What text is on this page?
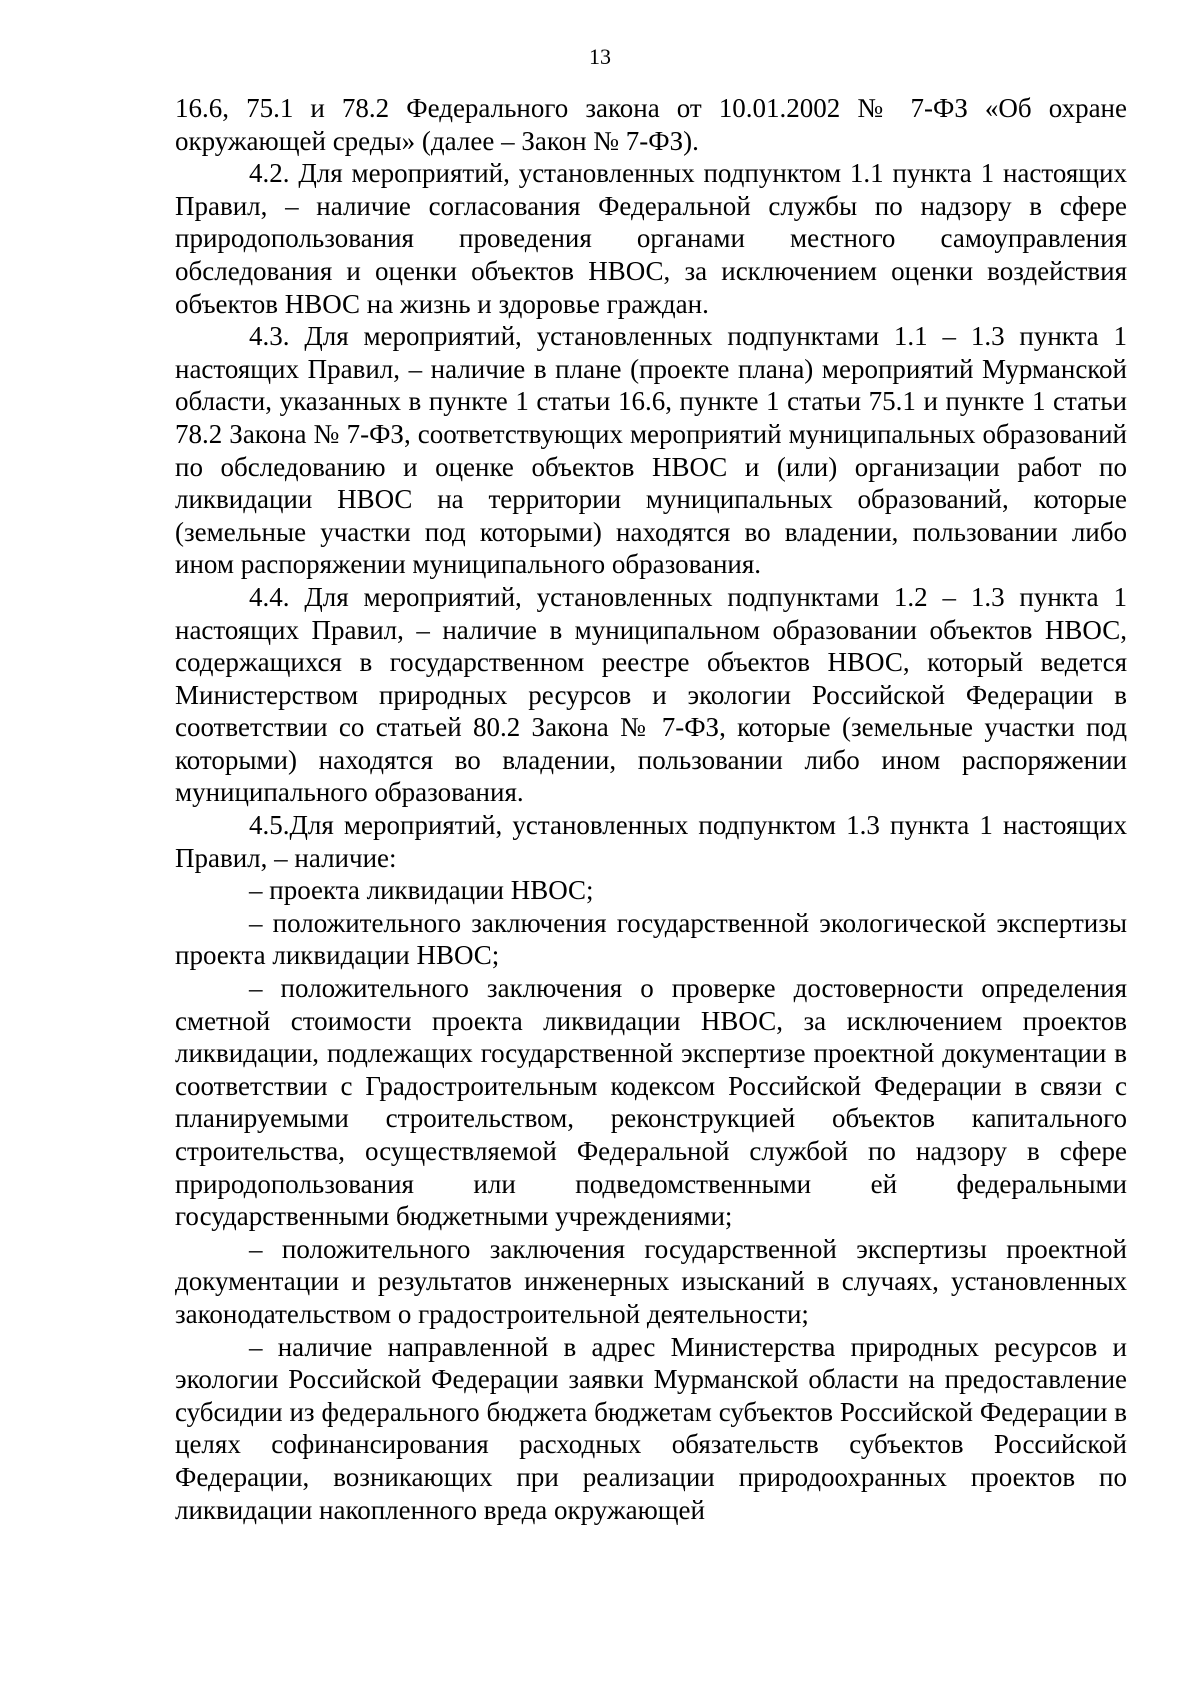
13

16.6, 75.1 и 78.2 Федерального закона от 10.01.2002 № 7-ФЗ «Об охране окружающей среды» (далее – Закон № 7-ФЗ).

4.2. Для мероприятий, установленных подпунктом 1.1 пункта 1 настоящих Правил, – наличие согласования Федеральной службы по надзору в сфере природопользования проведения органами местного самоуправления обследования и оценки объектов НВОС, за исключением оценки воздействия объектов НВОС на жизнь и здоровье граждан.

4.3. Для мероприятий, установленных подпунктами 1.1 – 1.3 пункта 1 настоящих Правил, – наличие в плане (проекте плана) мероприятий Мурманской области, указанных в пункте 1 статьи 16.6, пункте 1 статьи 75.1 и пункте 1 статьи 78.2 Закона № 7-ФЗ, соответствующих мероприятий муниципальных образований по обследованию и оценке объектов НВОС и (или) организации работ по ликвидации НВОС на территории муниципальных образований, которые (земельные участки под которыми) находятся во владении, пользовании либо ином распоряжении муниципального образования.

4.4. Для мероприятий, установленных подпунктами 1.2 – 1.3 пункта 1 настоящих Правил, – наличие в муниципальном образовании объектов НВОС, содержащихся в государственном реестре объектов НВОС, который ведется Министерством природных ресурсов и экологии Российской Федерации в соответствии со статьей 80.2 Закона № 7-ФЗ, которые (земельные участки под которыми) находятся во владении, пользовании либо ином распоряжении муниципального образования.

4.5.Для мероприятий, установленных подпунктом 1.3 пункта 1 настоящих Правил, – наличие:

– проекта ликвидации НВОС;

– положительного заключения государственной экологической экспертизы проекта ликвидации НВОС;

– положительного заключения о проверке достоверности определения сметной стоимости проекта ликвидации НВОС, за исключением проектов ликвидации, подлежащих государственной экспертизе проектной документации в соответствии с Градостроительным кодексом Российской Федерации в связи с планируемыми строительством, реконструкцией объектов капитального строительства, осуществляемой Федеральной службой по надзору в сфере природопользования или подведомственными ей федеральными государственными бюджетными учреждениями;

– положительного заключения государственной экспертизы проектной документации и результатов инженерных изысканий в случаях, установленных законодательством о градостроительной деятельности;

– наличие направленной в адрес Министерства природных ресурсов и экологии Российской Федерации заявки Мурманской области на предоставление субсидии из федерального бюджета бюджетам субъектов Российской Федерации в целях софинансирования расходных обязательств субъектов Российской Федерации, возникающих при реализации природоохранных проектов по ликвидации накопленного вреда окружающей
